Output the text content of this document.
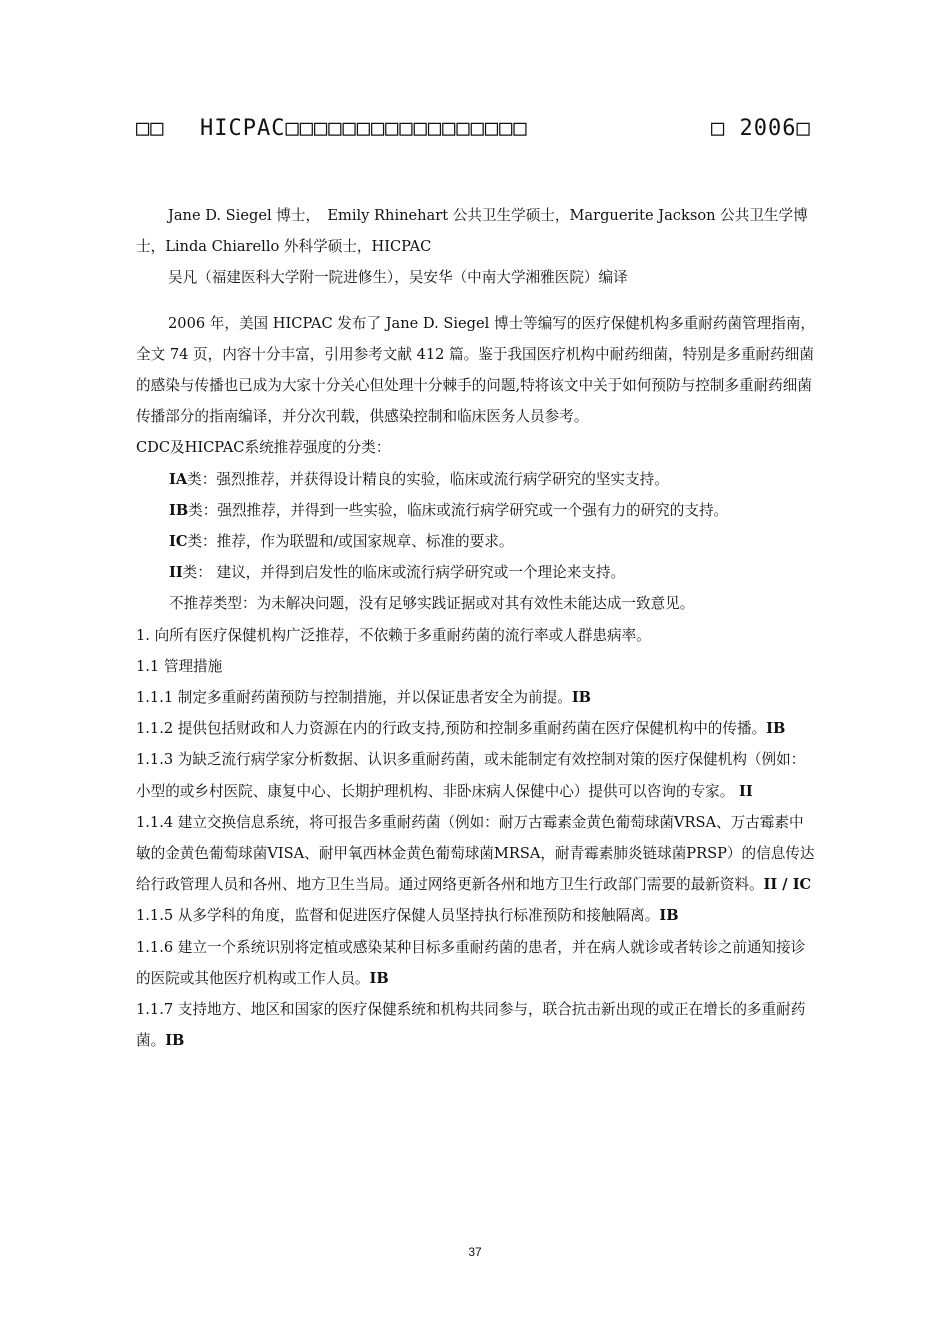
□□ HICPAC□□□□□□□□□□□□□□□□□	□ 2006□

Jane D. Siegel 博士，　Emily Rhinehart 公共卫生学硕士，Marguerite Jackson 公共卫生学博

士，Linda Chiarello 外科学硕士，HICPAC

吴凡（福建医科大学附一院进修生），吴安华（中南大学湘雅医院）编译

2006 年，美国 HICPAC 发布了 Jane D. Siegel 博士等编写的医疗保健机构多重耐药菌管理指南，全文 74 页，内容十分丰富，引用参考文献 412 篇。鉴于我国医疗机构中耐药细菌，特别是多重耐药细菌的感染与传播也已成为大家十分关心但处理十分棘手的问题,特将该文中关于如何预防与控制多重耐药细菌传播部分的指南编译，并分次刊载，供感染控制和临床医务人员参考。

CDC及HICPAC系统推荐强度的分类：

IA类：强烈推荐，并获得设计精良的实验，临床或流行病学研究的坚实支持。

IB类：强烈推荐，并得到一些实验，临床或流行病学研究或一个强有力的研究的支持。

IC类：推荐，作为联盟和/或国家规章、标准的要求。

II类： 建议，并得到启发性的临床或流行病学研究或一个理论来支持。

不推荐类型：为未解决问题，没有足够实践证据或对其有效性未能达成一致意见。

1. 向所有医疗保健机构广泛推荐，不依赖于多重耐药菌的流行率或人群患病率。

1.1 管理措施

1.1.1 制定多重耐药菌预防与控制措施，并以保证患者安全为前提。IB

1.1.2 提供包括财政和人力资源在内的行政支持,预防和控制多重耐药菌在医疗保健机构中的传播。IB

1.1.3 为缺乏流行病学家分析数据、认识多重耐药菌，或未能制定有效控制对策的医疗保健机构（例如：小型的或乡村医院、康复中心、长期护理机构、非卧床病人保健中心）提供可以咨询的专家。 II

1.1.4 建立交换信息系统，将可报告多重耐药菌（例如：耐万古霉素金黄色葡萄球菌VRSA、万古霉素中敏的金黄色葡萄球菌VISA、耐甲氧西林金黄色葡萄球菌MRSA，耐青霉素肺炎链球菌PRSP）的信息传达给行政管理人员和各州、地方卫生当局。通过网络更新各州和地方卫生行政部门需要的最新资料。II / IC

1.1.5 从多学科的角度，监督和促进医疗保健人员坚持执行标准预防和接触隔离。IB

1.1.6 建立一个系统识别将定植或感染某种目标多重耐药菌的患者，并在病人就诊或者转诊之前通知接诊的医院或其他医疗机构或工作人员。IB

1.1.7 支持地方、地区和国家的医疗保健系统和机构共同参与，联合抗击新出现的或正在增长的多重耐药菌。IB

37
